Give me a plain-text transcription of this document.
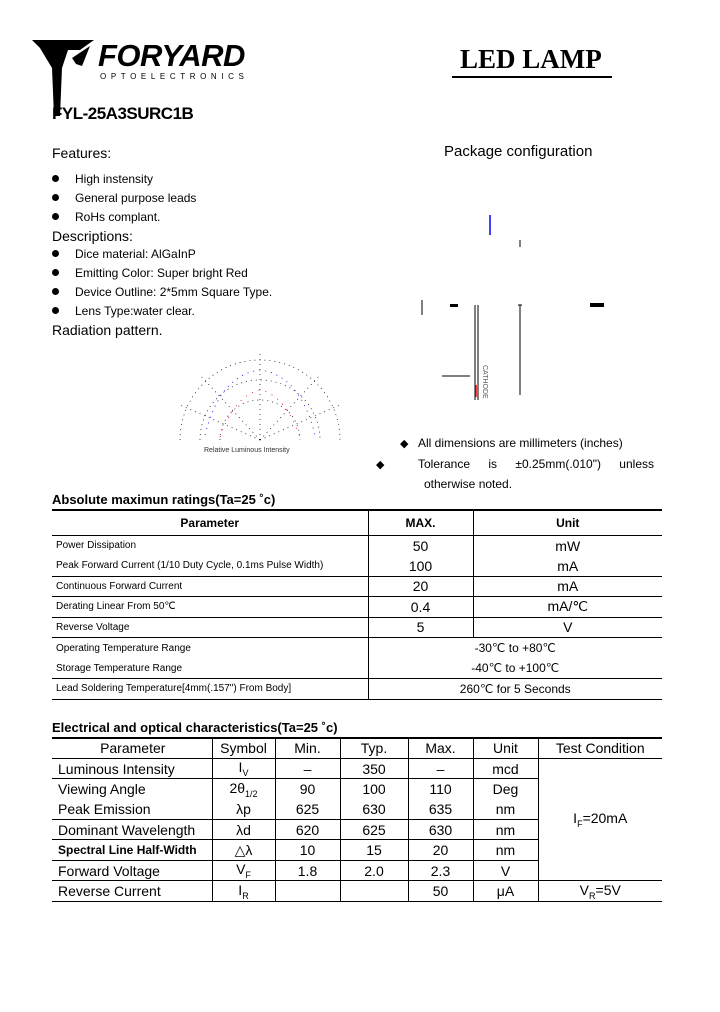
FORYARD
OPTOELECTRONICS
LED LAMP
FYL-25A3SURC1B
Features:
High instensity
General purpose leads
RoHs complant.
Descriptions:
Dice material: AlGaInP
Emitting Color: Super bright Red
Device Outline: 2*5mm Square Type.
Lens Type:water clear.
Radiation pattern.
Relative Luminous Intensity
Package configuration
CATHODE
◆ All dimensions are millimeters (inches)
◆	Tolerance is ±0.25mm(.010") unless otherwise noted.
Absolute maximun ratings(Ta=25 ˚c)
Parameter	MAX.	Unit
Power Dissipation	50	mW
Peak Forward Current (1/10 Duty Cycle, 0.1ms Pulse Width)	100	mA
Continuous Forward Current	20	mA
Derating Linear From 50℃	0.4	mA/℃
Reverse Voltage	5	V
Operating Temperature Range	-30℃ to +80℃	
Storage Temperature Range	-40℃ to +100℃	
Lead Soldering Temperature[4mm(.157") From Body]	260℃ for 5 Seconds	
Electrical and optical characteristics(Ta=25 ˚c)
Parameter	Symbol	Min.	Typ.	Max.	Unit	Test Condition
Luminous Intensity	$I_V$	–	350	–	mcd	$I_F=20mA$
Viewing Angle	$2\theta_{1/2}$	90	100	110	Deg	
Peak Emission	λp	625	630	635	nm	
Dominant Wavelength	λd	620	625	630	nm	
Spectral Line Half-Width	△λ	10	15	20	nm	
Forward Voltage	$V_F$	1.8	2.0	2.3	V	
Reverse Current	$I_R$			50	μA	$V_R=5V$
